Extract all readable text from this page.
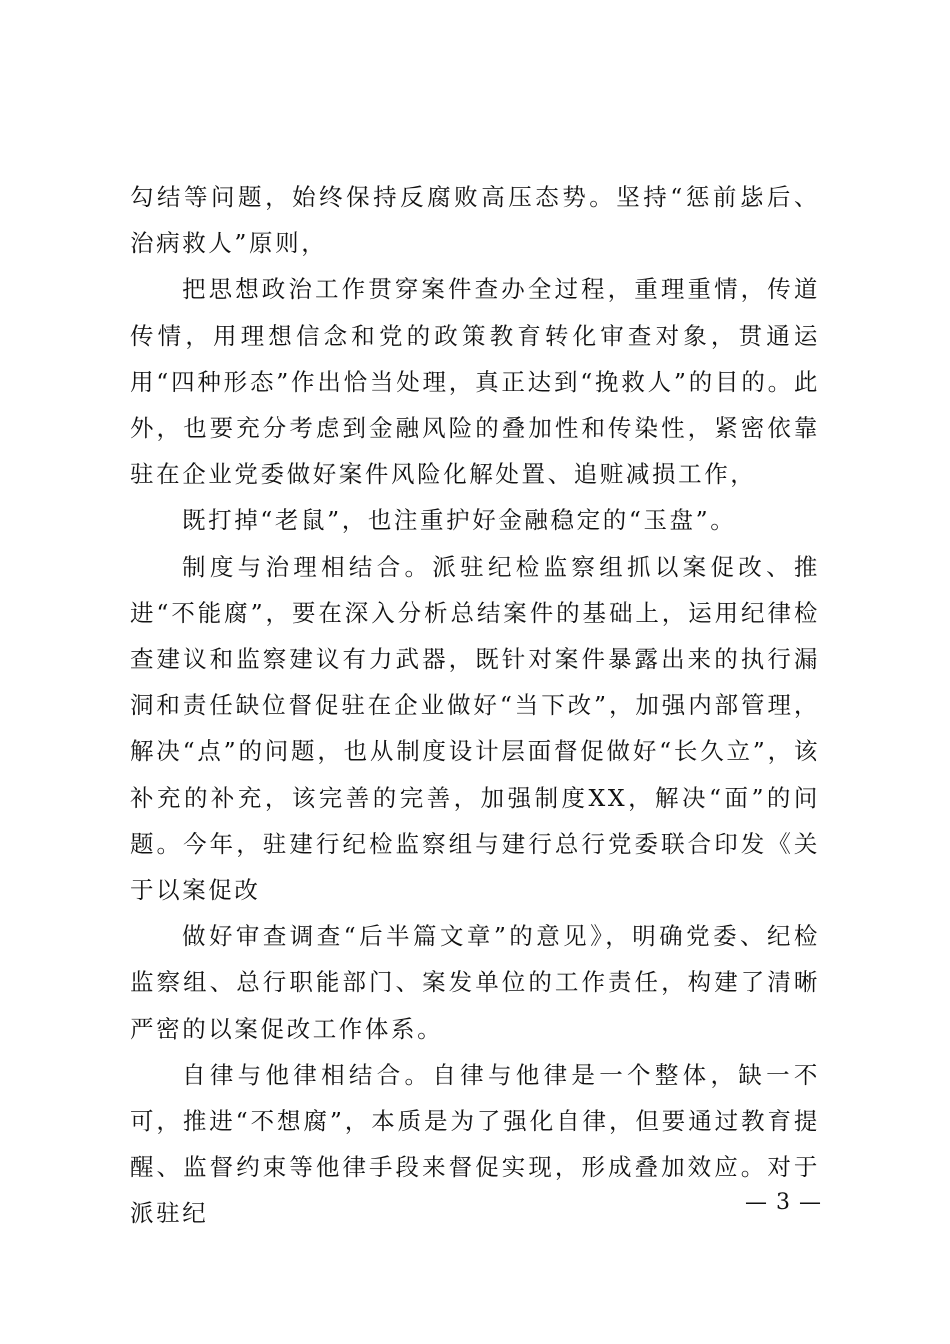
勾结等问题，始终保持反腐败高压态势。坚持“惩前毖后、治病救人”原则，

把思想政治工作贯穿案件查办全过程，重理重情，传道传情，用理想信念和党的政策教育转化审查对象，贯通运用“四种形态”作出恰当处理，真正达到“挽救人”的目的。此外，也要充分考虑到金融风险的叠加性和传染性，紧密依靠驻在企业党委做好案件风险化解处置、追赃减损工作，

既打掉“老鼠”，也注重护好金融稳定的“玉盘”。

制度与治理相结合。派驻纪检监察组抓以案促改、推进“不能腐”，要在深入分析总结案件的基础上，运用纪律检查建议和监察建议有力武器，既针对案件暴露出来的执行漏洞和责任缺位督促驻在企业做好“当下改”，加强内部管理，解决“点”的问题，也从制度设计层面督促做好“长久立”，该补充的补充，该完善的完善，加强制度XX，解决“面”的问题。今年，驻建行纪检监察组与建行总行党委联合印发《关于以案促改

做好审查调查“后半篇文章”的意见》，明确党委、纪检监察组、总行职能部门、案发单位的工作责任，构建了清晰严密的以案促改工作体系。

自律与他律相结合。自律与他律是一个整体，缺一不可，推进“不想腐”，本质是为了强化自律，但要通过教育提醒、监督约束等他律手段来督促实现，形成叠加效应。对于派驻纪	— 3 —
